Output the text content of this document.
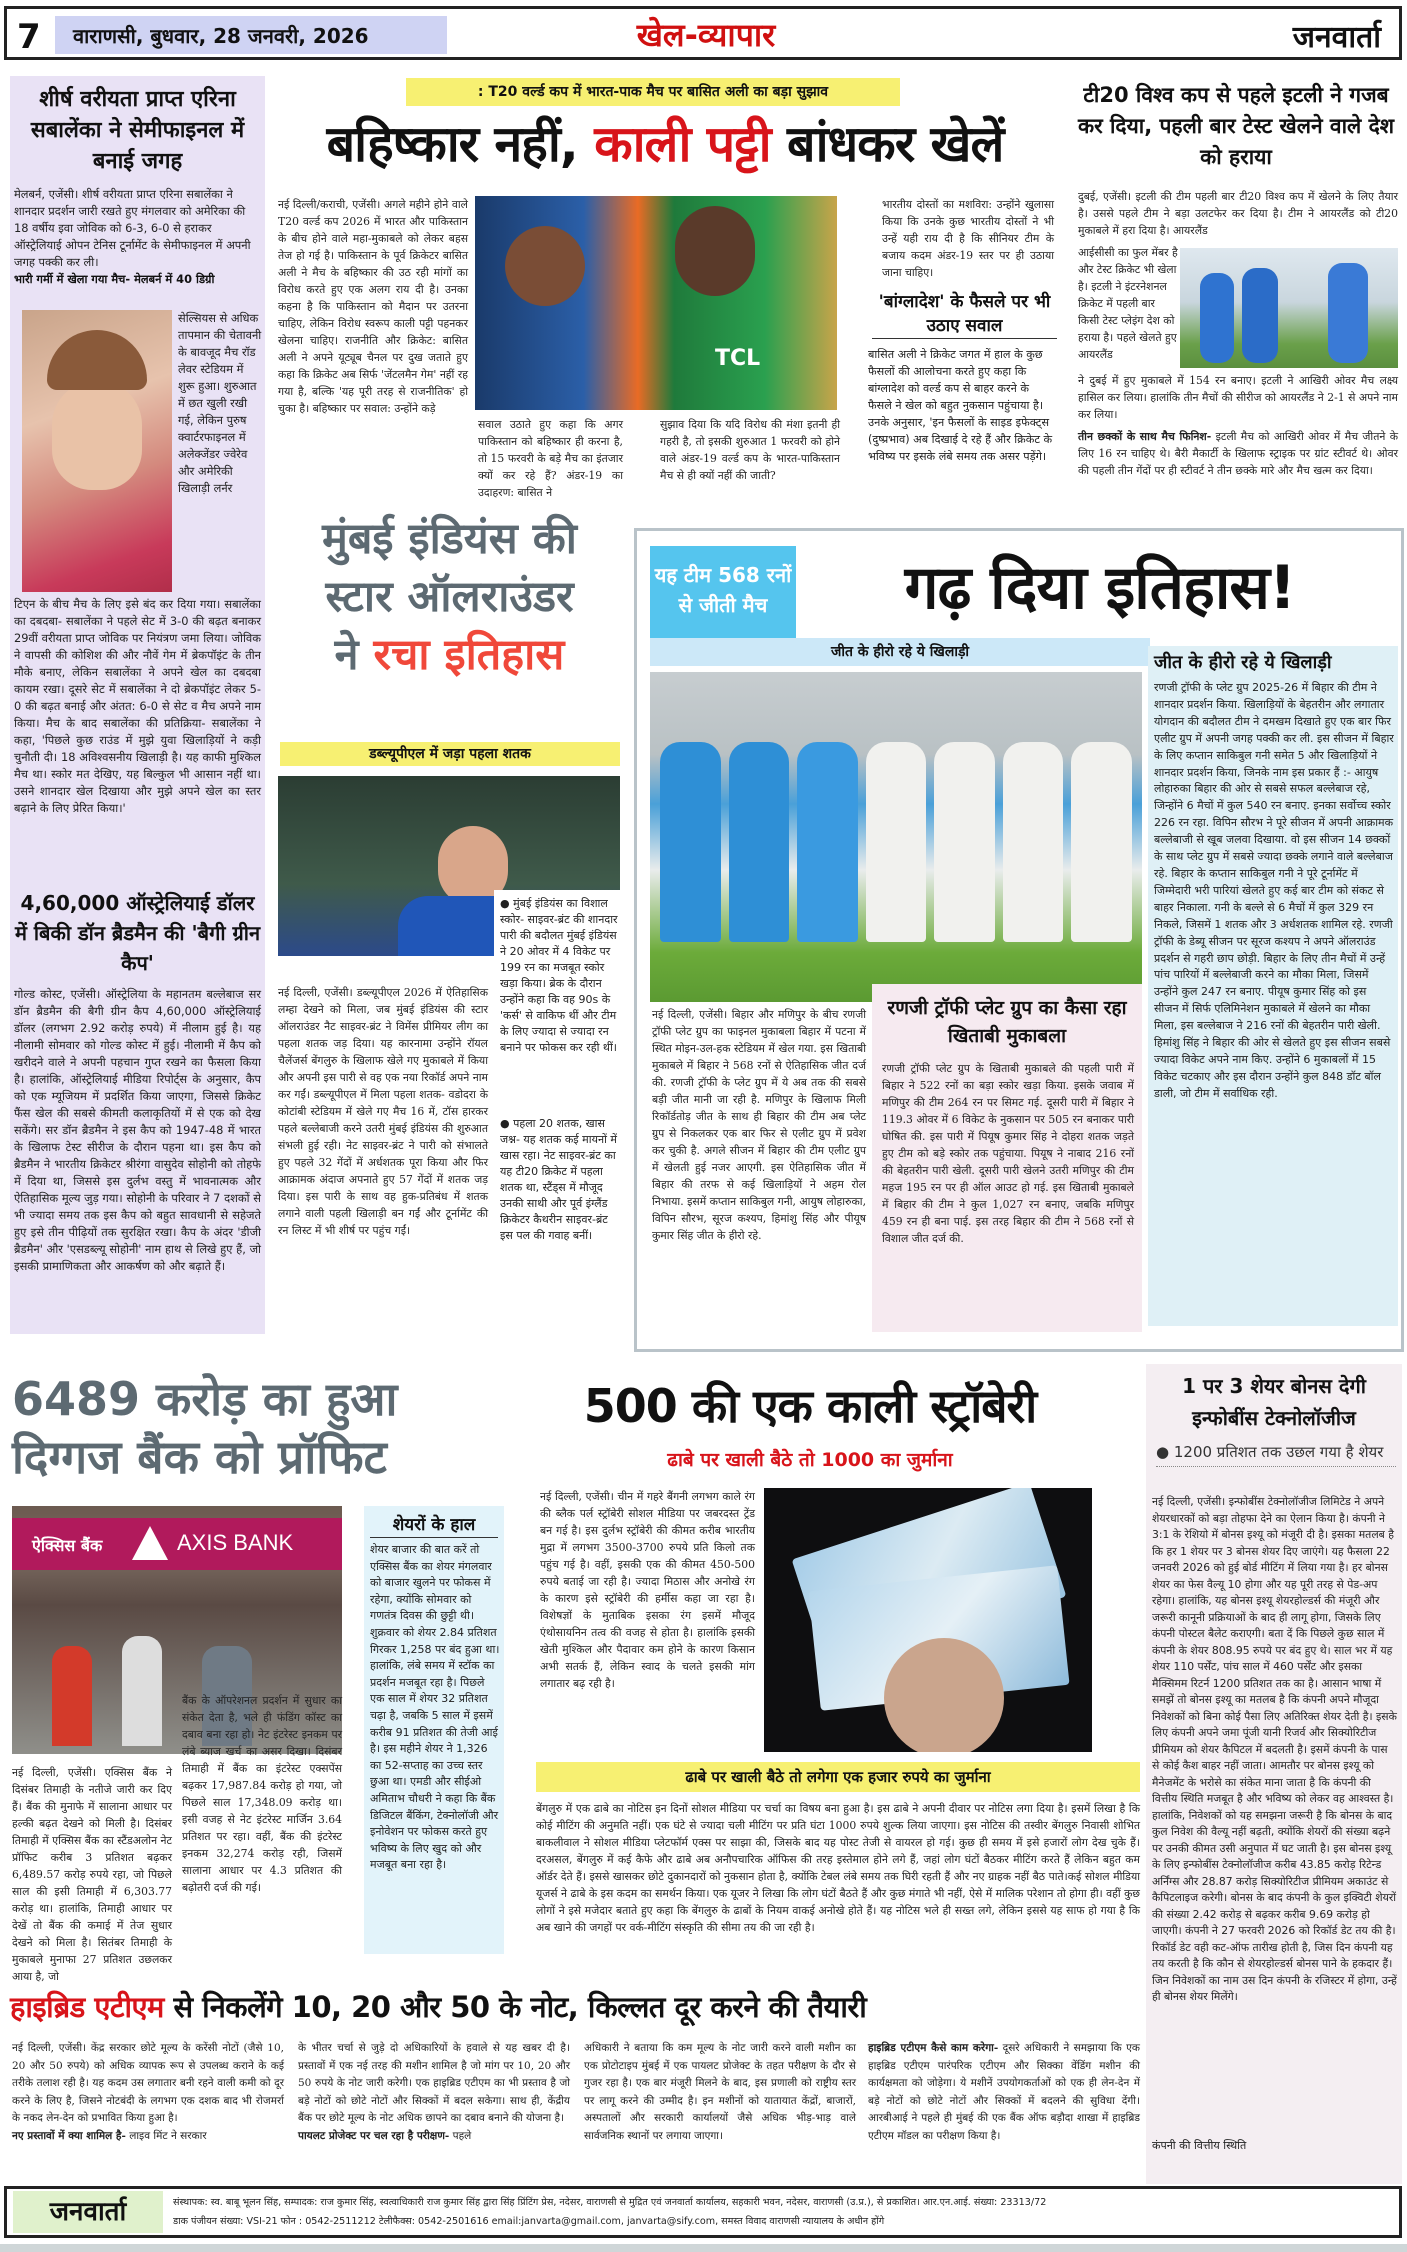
7	वाराणसी, बुधवार, 28 जनवरी, 2026	खेल-व्यापार	जनवार्ता
शीर्ष वरीयता प्राप्त एरिना सबालेंका ने सेमीफाइनल में बनाई जगह
मेलबर्न, एजेंसी। शीर्ष वरीयता प्राप्त एरिना सबालेंका ने शानदार प्रदर्शन जारी रखते हुए मंगलवार को अमेरिका की 18 वर्षीय इवा जोविक को 6-3, 6-0 से हराकर ऑस्ट्रेलियाई ओपन टेनिस टूर्नामेंट के सेमीफाइनल में अपनी जगह पक्की कर ली।
भारी गर्मी में खेला गया मैच- मेलबर्न में 40 डिग्री
सेल्सियस से अधिक तापमान की चेतावनी के बावजूद मैच रॉड लेवर स्टेडियम में शुरू हुआ। शुरुआत में छत खुली रखी गई, लेकिन पुरुष क्वार्टरफाइनल में अलेक्जेंडर ज्वेरेव और अमेरिकी खिलाड़ी लर्नर
टिएन के बीच मैच के लिए इसे बंद कर दिया गया। सबालेंका का दबदबा- सबालेंका ने पहले सेट में 3-0 की बढ़त बनाकर 29वीं वरीयता प्राप्त जोविक पर नियंत्रण जमा लिया। जोविक ने वापसी की कोशिश की और नौवें गेम में ब्रेकपॉइंट के तीन मौके बनाए, लेकिन सबालेंका ने अपने खेल का दबदबा कायम रखा। दूसरे सेट में सबालेंका ने दो ब्रेकपॉइंट लेकर 5-0 की बढ़त बनाई और अंतत: 6-0 से सेट व मैच अपने नाम किया। मैच के बाद सबालेंका की प्रतिक्रिया- सबालेंका ने कहा, 'पिछले कुछ राउंड में मुझे युवा खिलाड़ियों ने कड़ी चुनौती दी। 18 अविश्वसनीय खिलाड़ी है। यह काफी मुश्किल मैच था। स्कोर मत देखिए, यह बिल्कुल भी आसान नहीं था। उसने शानदार खेल दिखाया और मुझे अपने खेल का स्तर बढ़ाने के लिए प्रेरित किया।'
4,60,000 ऑस्ट्रेलियाई डॉलर में बिकी डॉन ब्रैडमैन की 'बैगी ग्रीन कैप'
गोल्ड कोस्ट, एजेंसी। ऑस्ट्रेलिया के महानतम बल्लेबाज सर डॉन ब्रैडमैन की बैगी ग्रीन कैप 4,60,000 ऑस्ट्रेलियाई डॉलर (लगभग 2.92 करोड़ रुपये) में नीलाम हुई है। यह नीलामी सोमवार को गोल्ड कोस्ट में हुई। नीलामी में कैप को खरीदने वाले ने अपनी पहचान गुप्त रखने का फैसला किया है। हालांकि, ऑस्ट्रेलियाई मीडिया रिपोर्ट्स के अनुसार, कैप को एक म्यूजियम में प्रदर्शित किया जाएगा, जिससे क्रिकेट फैंस खेल की सबसे कीमती कलाकृतियों में से एक को देख सकेंगे। सर डॉन ब्रैडमैन ने इस कैप को 1947-48 में भारत के खिलाफ टेस्ट सीरीज के दौरान पहना था। इस कैप को ब्रैडमैन ने भारतीय क्रिकेटर श्रीरंगा वासुदेव सोहोनी को तोहफे में दिया था, जिससे इस दुर्लभ वस्तु में भावनात्मक और ऐतिहासिक मूल्य जुड़ गया। सोहोनी के परिवार ने 7 दशकों से भी ज्यादा समय तक इस कैप को बहुत सावधानी से सहेजते हुए इसे तीन पीढ़ियों तक सुरक्षित रखा। कैप के अंदर 'डीजी ब्रैडमैन' और 'एसडब्ल्यू सोहोनी' नाम हाथ से लिखे हुए हैं, जो इसकी प्रामाणिकता और आकर्षण को और बढ़ाते हैं।
: T20 वर्ल्ड कप में भारत-पाक मैच पर बासित अली का बड़ा सुझाव
बहिष्कार नहीं, काली पट्टी बांधकर खेलें
नई दिल्ली/कराची, एजेंसी। अगले महीने होने वाले T20 वर्ल्ड कप 2026 में भारत और पाकिस्तान के बीच होने वाले महा-मुकाबले को लेकर बहस तेज हो गई है। पाकिस्तान के पूर्व क्रिकेटर बासित अली ने मैच के बहिष्कार की उठ रही मांगों का विरोध करते हुए एक अलग राय दी है। उनका कहना है कि पाकिस्तान को मैदान पर उतरना चाहिए, लेकिन विरोध स्वरूप काली पट्टी पहनकर खेलना चाहिए। राजनीति और क्रिकेट: बासित अली ने अपने यूट्यूब चैनल पर दुख जताते हुए कहा कि क्रिकेट अब सिर्फ 'जेंटलमैन गेम' नहीं रह गया है, बल्कि 'यह पूरी तरह से राजनीतिक' हो चुका है। बहिष्कार पर सवाल: उन्होंने कड़े
TCL
सवाल उठाते हुए कहा कि अगर पाकिस्तान को बहिष्कार ही करना है, तो 15 फरवरी के बड़े मैच का इंतजार क्यों कर रहे हैं? अंडर-19 का उदाहरण: बासित ने
सुझाव दिया कि यदि विरोध की मंशा इतनी ही गहरी है, तो इसकी शुरुआत 1 फरवरी को होने वाले अंडर-19 वर्ल्ड कप के भारत-पाकिस्तान मैच से ही क्यों नहीं की जाती?
भारतीय दोस्तों का मशविरा: उन्होंने खुलासा किया कि उनके कुछ भारतीय दोस्तों ने भी उन्हें यही राय दी है कि सीनियर टीम के बजाय कदम अंडर-19 स्तर पर ही उठाया जाना चाहिए।
'बांग्लादेश' के फैसले पर भी उठाए सवाल
बासित अली ने क्रिकेट जगत में हाल के कुछ फैसलों की आलोचना करते हुए कहा कि बांग्लादेश को वर्ल्ड कप से बाहर करने के फैसले ने खेल को बहुत नुकसान पहुंचाया है। उनके अनुसार, 'इन फैसलों के साइड इफेक्ट्स (दुष्प्रभाव) अब दिखाई दे रहे हैं और क्रिकेट के भविष्य पर इसके लंबे समय तक असर पड़ेंगे।
टी20 विश्व कप से पहले इटली ने गजब कर दिया, पहली बार टेस्ट खेलने वाले देश को हराया
दुबई, एजेंसी। इटली की टीम पहली बार टी20 विश्व कप में खेलने के लिए तैयार है। उससे पहले टीम ने बड़ा उलटफेर कर दिया है। टीम ने आयरलैंड को टी20 मुकाबले में हरा दिया है। आयरलैंड
आईसीसी का फुल मेंबर है और टेस्ट क्रिकेट भी खेला है। इटली ने इंटरनेशनल क्रिकेट में पहली बार किसी टेस्ट प्लेइंग देश को हराया है। पहले खेलते हुए आयरलैंड
ने दुबई में हुए मुकाबले में 154 रन बनाए। इटली ने आखिरी ओवर मैच लक्ष्य हासिल कर लिया। हालांकि तीन मैचों की सीरीज को आयरलैंड ने 2-1 से अपने नाम कर लिया।
तीन छक्कों के साथ मैच फिनिश- इटली मैच को आखिरी ओवर में मैच जीतने के लिए 16 रन चाहिए थे। बैरी मैकार्टी के खिलाफ स्ट्राइक पर ग्रांट स्टीवर्ट थे। ओवर की पहली तीन गेंदों पर ही स्टीवर्ट ने तीन छक्के मारे और मैच खत्म कर दिया।
मुंबई इंडियंस की
स्टार ऑलराउंडर
ने रचा इतिहास
डब्ल्यूपीएल में जड़ा पहला शतक
● मुंबई इंडियंस का विशाल स्कोर- साइवर-ब्रंट की शानदार पारी की बदौलत मुंबई इंडियंस ने 20 ओवर में 4 विकेट पर 199 रन का मजबूत स्कोर खड़ा किया। ब्रेक के दौरान उन्होंने कहा कि वह 90s के 'कर्स' से वाकिफ थीं और टीम के लिए ज्यादा से ज्यादा रन बनाने पर फोकस कर रही थीं।
● पहला 20 शतक, खास जश्न- यह शतक कई मायनों में खास रहा। नेट साइवर-ब्रंट का यह टी20 क्रिकेट में पहला शतक था, स्टैंड्स में मौजूद उनकी साथी और पूर्व इंग्लैंड क्रिकेटर कैथरीन साइवर-ब्रंट इस पल की गवाह बनीं।
नई दिल्ली, एजेंसी। डब्ल्यूपीएल 2026 में ऐतिहासिक लम्हा देखने को मिला, जब मुंबई इंडियंस की स्टार ऑलराउंडर नैट साइवर-ब्रंट ने विमेंस प्रीमियर लीग का पहला शतक जड़ दिया। यह कारनामा उन्होंने रॉयल चैलेंजर्स बेंगलुरु के खिलाफ खेले गए मुकाबले में किया और अपनी इस पारी से वह एक नया रिकॉर्ड अपने नाम कर गईं। डब्ल्यूपीएल में मिला पहला शतक- वडोदरा के कोटांबी स्टेडियम में खेले गए मैच 16 में, टॉस हारकर पहले बल्लेबाजी करने उतरी मुंबई इंडियंस की शुरुआत संभली हुई रही। नेट साइवर-ब्रंट ने पारी को संभालते हुए पहले 32 गेंदों में अर्धशतक पूरा किया और फिर आक्रामक अंदाज अपनाते हुए 57 गेंदों में शतक जड़ दिया। इस पारी के साथ वह हुक-प्रतिबंध में शतक लगाने वाली पहली खिलाड़ी बन गईं और टूर्नामेंट की रन लिस्ट में भी शीर्ष पर पहुंच गईं।
यह टीम 568 रनों से जीती मैच	गढ़ दिया इतिहास!
जीत के हीरो रहे ये खिलाड़ी	जीत के हीरो रहे ये खिलाड़ी
रणजी ट्रॉफी के प्लेट ग्रुप 2025-26 में बिहार की टीम ने शानदार प्रदर्शन किया. खिलाड़ियों के बेहतरीन और लगातार योगदान की बदौलत टीम ने दमखम दिखाते हुए एक बार फिर एलीट ग्रुप में अपनी जगह पक्की कर ली. इस सीजन में बिहार के लिए कप्तान साकिबुल गनी समेत 5 और खिलाड़ियों ने शानदार प्रदर्शन किया, जिनके नाम इस प्रकार हैं :- आयुष लोहारुका बिहार की ओर से सबसे सफल बल्लेबाज रहे, जिन्होंने 6 मैचों में कुल 540 रन बनाए. इनका सर्वोच्च स्कोर 226 रन रहा. विपिन सौरभ ने पूरे सीजन में अपनी आक्रामक बल्लेबाजी से खूब जलवा दिखाया. वो इस सीजन 14 छक्कों के साथ प्लेट ग्रुप में सबसे ज्यादा छक्के लगाने वाले बल्लेबाज रहे. बिहार के कप्तान साकिबुल गनी ने पूरे टूर्नामेंट में जिम्मेदारी भरी पारियां खेलते हुए कई बार टीम को संकट से बाहर निकाला. गनी के बल्ले से 6 मैचों में कुल 329 रन निकले, जिसमें 1 शतक और 3 अर्धशतक शामिल रहे. रणजी ट्रॉफी के डेब्यू सीजन पर सूरज कश्यप ने अपने ऑलराउंड प्रदर्शन से गहरी छाप छोड़ी. बिहार के लिए तीन मैचों में उन्हें पांच पारियों में बल्लेबाजी करने का मौका मिला, जिसमें उन्होंने कुल 247 रन बनाए. पीयूष कुमार सिंह को इस सीजन में सिर्फ एलिमिनेशन मुकाबले में खेलने का मौका मिला, इस बल्लेबाज ने 216 रनों की बेहतरीन पारी खेली. हिमांशु सिंह ने बिहार की ओर से खेलते हुए इस सीजन सबसे ज्यादा विकेट अपने नाम किए. उन्होंने 6 मुकाबलों में 15 विकेट चटकाए और इस दौरान उन्होंने कुल 848 डॉट बॉल डाली, जो टीम में सर्वाधिक रही.
नई दिल्ली, एजेंसी। बिहार और मणिपुर के बीच रणजी ट्रॉफी प्लेट ग्रुप का फाइनल मुकाबला बिहार में पटना में स्थित मोइन-उल-हक स्टेडियम में खेल गया. इस खिताबी मुकाबले में बिहार ने 568 रनों से ऐतिहासिक जीत दर्ज की. रणजी ट्रॉफी के प्लेट ग्रुप में ये अब तक की सबसे बड़ी जीत मानी जा रही है. मणिपुर के खिलाफ मिली रिकॉर्डतोड़ जीत के साथ ही बिहार की टीम अब प्लेट ग्रुप से निकलकर एक बार फिर से एलीट ग्रुप में प्रवेश कर चुकी है. अगले सीजन में बिहार की टीम एलीट ग्रुप में खेलती हुई नजर आएगी. इस ऐतिहासिक जीत में बिहार की तरफ से कई खिलाड़ियों ने अहम रोल निभाया. इसमें कप्तान साकिबुल गनी, आयुष लोहारुका, विपिन सौरभ, सूरज कश्यप, हिमांशु सिंह और पीयूष कुमार सिंह जीत के हीरो रहे.
रणजी ट्रॉफी प्लेट ग्रुप का कैसा रहा खिताबी मुकाबला
रणजी ट्रॉफी प्लेट ग्रुप के खिताबी मुकाबले की पहली पारी में बिहार ने 522 रनों का बड़ा स्कोर खड़ा किया. इसके जवाब में मणिपुर की टीम 264 रन पर सिमट गई. दूसरी पारी में बिहार ने 119.3 ओवर में 6 विकेट के नुकसान पर 505 रन बनाकर पारी घोषित की. इस पारी में पियूष कुमार सिंह ने दोहरा शतक जड़ते हुए टीम को बड़े स्कोर तक पहुंचाया. पियूष ने नाबाद 216 रनों की बेहतरीन पारी खेली. दूसरी पारी खेलने उतरी मणिपुर की टीम महज 195 रन पर ही ऑल आउट हो गई. इस खिताबी मुकाबले में बिहार की टीम ने कुल 1,027 रन बनाए, जबकि मणिपुर 459 रन ही बना पाई. इस तरह बिहार की टीम ने 568 रनों से विशाल जीत दर्ज की.
6489 करोड़ का हुआ
दिग्गज बैंक को प्रॉफिट
ऐक्सिस बैंक	AXIS BANK
नई दिल्ली, एजेंसी। एक्सिस बैंक ने दिसंबर तिमाही के नतीजे जारी कर दिए हैं। बैंक की मुनाफे में सालाना आधार पर हल्की बढ़त देखने को मिली है। दिसंबर तिमाही में एक्सिस बैंक का स्टैंडअलोन नेट प्रॉफिट करीब 3 प्रतिशत बढ़कर 6,489.57 करोड़ रुपये रहा, जो पिछले साल की इसी तिमाही में 6,303.77 करोड़ था। हालांकि, तिमाही आधार पर देखें तो बैंक की कमाई में तेज सुधार देखने को मिला है। सितंबर तिमाही के मुकाबले मुनाफा 27 प्रतिशत उछलकर आया है, जो
बैंक के ऑपरेशनल प्रदर्शन में सुधार का संकेत देता है, भले ही फंडिंग कॉस्ट का दबाव बना रहा हो। नेट इंटरेस्ट इनकम पर लंबे ब्याज खर्च का असर दिखा। दिसंबर तिमाही में बैंक का इंटरेस्ट एक्सपेंस बढ़कर 17,987.84 करोड़ हो गया, जो पिछले साल 17,348.09 करोड़ था। इसी वजह से नेट इंटरेस्ट मार्जिन 3.64 प्रतिशत पर रहा। वहीं, बैंक की इंटरेस्ट इनकम 32,274 करोड़ रही, जिसमें सालाना आधार पर 4.3 प्रतिशत की बढ़ोतरी दर्ज की गई।
शेयरों के हाल
शेयर बाजार की बात करें तो एक्सिस बैंक का शेयर मंगलवार को बाजार खुलने पर फोकस में रहेगा, क्योंकि सोमवार को गणतंत्र दिवस की छुट्टी थी। शुक्रवार को शेयर 2.84 प्रतिशत गिरकर 1,258 पर बंद हुआ था। हालांकि, लंबे समय में स्टॉक का प्रदर्शन मजबूत रहा है। पिछले एक साल में शेयर 32 प्रतिशत चढ़ा है, जबकि 5 साल में इसमें करीब 91 प्रतिशत की तेजी आई है। इस महीने शेयर ने 1,326 का 52-सप्ताह का उच्च स्तर छुआ था। एमडी और सीईओ अमिताभ चौधरी ने कहा कि बैंक डिजिटल बैंकिंग, टेक्नोलॉजी और इनोवेशन पर फोकस करते हुए भविष्य के लिए खुद को और मजबूत बना रहा है।
500 की एक काली स्ट्रॉबेरी
ढाबे पर खाली बैठे तो 1000 का जुर्माना
नई दिल्ली, एजेंसी। चीन में गहरे बैंगनी लगभग काले रंग की ब्लैक पर्ल स्ट्रॉबेरी सोशल मीडिया पर जबरदस्त ट्रेंड बन गई है। इस दुर्लभ स्ट्रॉबेरी की कीमत करीब भारतीय मुद्रा में लगभग 3500-3700 रुपये प्रति किलो तक पहुंच गई है। वहीं, इसकी एक की कीमत 450-500 रुपये बताई जा रही है। ज्यादा मिठास और अनोखे रंग के कारण इसे स्ट्रॉबेरी की हर्मीस कहा जा रहा है। विशेषज्ञों के मुताबिक इसका रंग इसमें मौजूद एंथोसायनिन तत्व की वजह से होता है। हालांकि इसकी खेती मुश्किल और पैदावार कम होने के कारण किसान अभी सतर्क हैं, लेकिन स्वाद के चलते इसकी मांग लगातार बढ़ रही है।
ढाबे पर खाली बैठे तो लगेगा एक हजार रुपये का जुर्माना
बेंगलुरु में एक ढाबे का नोटिस इन दिनों सोशल मीडिया पर चर्चा का विषय बना हुआ है। इस ढाबे ने अपनी दीवार पर नोटिस लगा दिया है। इसमें लिखा है कि कोई मीटिंग की अनुमति नहीं। एक घंटे से ज्यादा चली मीटिंग पर प्रति घंटा 1000 रुपये शुल्क लिया जाएगा। इस नोटिस की तस्वीर बेंगलुरु निवासी शोभित बाकलीवाल ने सोशल मीडिया प्लेटफॉर्म एक्स पर साझा की, जिसके बाद यह पोस्ट तेजी से वायरल हो गई। कुछ ही समय में इसे हजारों लोग देख चुके हैं। दरअसल, बेंगलुरु में कई कैफे और ढाबे अब अनौपचारिक ऑफिस की तरह इस्तेमाल होने लगे हैं, जहां लोग घंटों बैठकर मीटिंग करते हैं लेकिन बहुत कम ऑर्डर देते हैं। इससे खासकर छोटे दुकानदारों को नुकसान होता है, क्योंकि टेबल लंबे समय तक घिरी रहती हैं और नए ग्राहक नहीं बैठ पाते।कई सोशल मीडिया यूजर्स ने ढाबे के इस कदम का समर्थन किया। एक यूजर ने लिखा कि लोग घंटों बैठते हैं और कुछ मंगाते भी नहीं, ऐसे में मालिक परेशान तो होगा ही। वहीं कुछ लोगों ने इसे मजेदार बताते हुए कहा कि बेंगलुरु के ढाबों के नियम वाकई अनोखे होते हैं। यह नोटिस भले ही सख्त लगे, लेकिन इससे यह साफ हो गया है कि अब खाने की जगहों पर वर्क-मीटिंग संस्कृति की सीमा तय की जा रही है।
1 पर 3 शेयर बोनस देगी इन्फोबींस टेक्नोलॉजीज
● 1200 प्रतिशत तक उछल गया है शेयर
नई दिल्ली, एजेंसी। इन्फोबींस टेक्नोलॉजीज लिमिटेड ने अपने शेयरधारकों को बड़ा तोहफा देने का ऐलान किया है। कंपनी ने 3:1 के रेशियो में बोनस इश्यू को मंजूरी दी है। इसका मतलब है कि हर 1 शेयर पर 3 बोनस शेयर दिए जाएंगे। यह फैसला 22 जनवरी 2026 को हुई बोर्ड मीटिंग में लिया गया है। हर बोनस शेयर का फेस वैल्यू 10 होगा और यह पूरी तरह से पेड-अप रहेगा। हालांकि, यह बोनस इश्यू शेयरहोल्डर्स की मंजूरी और जरूरी कानूनी प्रक्रियाओं के बाद ही लागू होगा, जिसके लिए कंपनी पोस्टल बैलेट कराएगी। बता दें कि पिछले कुछ साल में कंपनी के शेयर 808.95 रुपये पर बंद हुए थे। साल भर में यह शेयर 110 पर्सेंट, पांच साल में 460 पर्सेंट और इसका मैक्सिमम रिटर्न 1200 प्रतिशत तक का है। आसान भाषा में समझें तो बोनस इश्यू का मतलब है कि कंपनी अपने मौजूदा निवेशकों को बिना कोई पैसा लिए अतिरिक्त शेयर देती है। इसके लिए कंपनी अपने जमा पूंजी यानी रिजर्व और सिक्योरिटीज प्रीमियम को शेयर कैपिटल में बदलती है। इसमें कंपनी के पास से कोई कैश बाहर नहीं जाता। आमतौर पर बोनस इश्यू को मैनेजमेंट के भरोसे का संकेत माना जाता है कि कंपनी की वित्तीय स्थिति मजबूत है और भविष्य को लेकर वह आश्वस्त है। हालांकि, निवेशकों को यह समझना जरूरी है कि बोनस के बाद कुल निवेश की वैल्यू नहीं बढ़ती, क्योंकि शेयरों की संख्या बढ़ने पर उनकी कीमत उसी अनुपात में घट जाती है। इस बोनस इश्यू के लिए इन्फोबींस टेक्नोलॉजीज करीब 43.85 करोड़ रिटेन्ड अर्निंग्स और 28.87 करोड़ सिक्योरिटीज प्रीमियम अकाउंट से कैपिटलाइज करेगी। बोनस के बाद कंपनी के कुल इक्विटी शेयरों की संख्या 2.42 करोड़ से बढ़कर करीब 9.69 करोड़ हो जाएगी। कंपनी ने 27 फरवरी 2026 को रिकॉर्ड डेट तय की है। रिकॉर्ड डेट वही कट-ऑफ तारीख होती है, जिस दिन कंपनी यह तय करती है कि कौन से शेयरहोल्डर्स बोनस पाने के हकदार हैं। जिन निवेशकों का नाम उस दिन कंपनी के रजिस्टर में होगा, उन्हें ही बोनस शेयर मिलेंगे।
कंपनी की वित्तीय स्थिति
हाइब्रिड एटीएम से निकलेंगे 10, 20 और 50 के नोट, किल्लत दूर करने की तैयारी
नई दिल्ली, एजेंसी। केंद्र सरकार छोटे मूल्य के करेंसी नोटों (जैसे 10, 20 और 50 रुपये) को अधिक व्यापक रूप से उपलब्ध कराने के कई तरीके तलाश रही है। यह कदम उस लगातार बनी रहने वाली कमी को दूर करने के लिए है, जिसने नोटबंदी के लगभग एक दशक बाद भी रोजमर्रा के नकद लेन-देन को प्रभावित किया हुआ है।
नए प्रस्तावों में क्या शामिल है- लाइव मिंट ने सरकार
के भीतर चर्चा से जुड़े दो अधिकारियों के हवाले से यह खबर दी है। प्रस्तावों में एक नई तरह की मशीन शामिल है जो मांग पर 10, 20 और 50 रुपये के नोट जारी करेगी। एक हाइब्रिड एटीएम का भी प्रस्ताव है जो बड़े नोटों को छोटे नोटों और सिक्कों में बदल सकेगा। साथ ही, केंद्रीय बैंक पर छोटे मूल्य के नोट अधिक छापने का दबाव बनाने की योजना है।
पायलट प्रोजेक्ट पर चल रहा है परीक्षण- पहले
अधिकारी ने बताया कि कम मूल्य के नोट जारी करने वाली मशीन का एक प्रोटोटाइप मुंबई में एक पायलट प्रोजेक्ट के तहत परीक्षण के दौर से गुजर रहा है। एक बार मंजूरी मिलने के बाद, इस प्रणाली को राष्ट्रीय स्तर पर लागू करने की उम्मीद है। इन मशीनों को यातायात केंद्रों, बाजारों, अस्पतालों और सरकारी कार्यालयों जैसे अधिक भीड़-भाड़ वाले सार्वजनिक स्थानों पर लगाया जाएगा।
हाइब्रिड एटीएम कैसे काम करेगा- दूसरे अधिकारी ने समझाया कि एक हाइब्रिड एटीएम पारंपरिक एटीएम और सिक्का वेंडिंग मशीन की कार्यक्षमता को जोड़ेगा। ये मशीनें उपयोगकर्ताओं को एक ही लेन-देन में बड़े नोटों को छोटे नोटों और सिक्कों में बदलने की सुविधा देंगी। आरबीआई ने पहले ही मुंबई की एक बैंक ऑफ बड़ौदा शाखा में हाइब्रिड एटीएम मॉडल का परीक्षण किया है।
जनवार्ता	संस्थापक: स्व. बाबू भूलन सिंह, सम्पादक: राज कुमार सिंह, स्वत्वाधिकारी राज कुमार सिंह द्वारा सिंह प्रिंटिंग प्रेस, नदेसर, वाराणसी से मुद्रित एवं जनवार्ता कार्यालय, सहकारी भवन, नदेसर, वाराणसी (उ.प्र.), से प्रकाशित। आर.एन.आई. संख्या: 23313/72
डाक पंजीयन संख्या: VSI-21 फोन : 0542-2511212 टेलीफैक्स: 0542-2501616 email:janvarta@gmail.com, janvarta@sify.com, समस्त विवाद वाराणसी न्यायालय के अधीन होंगे
